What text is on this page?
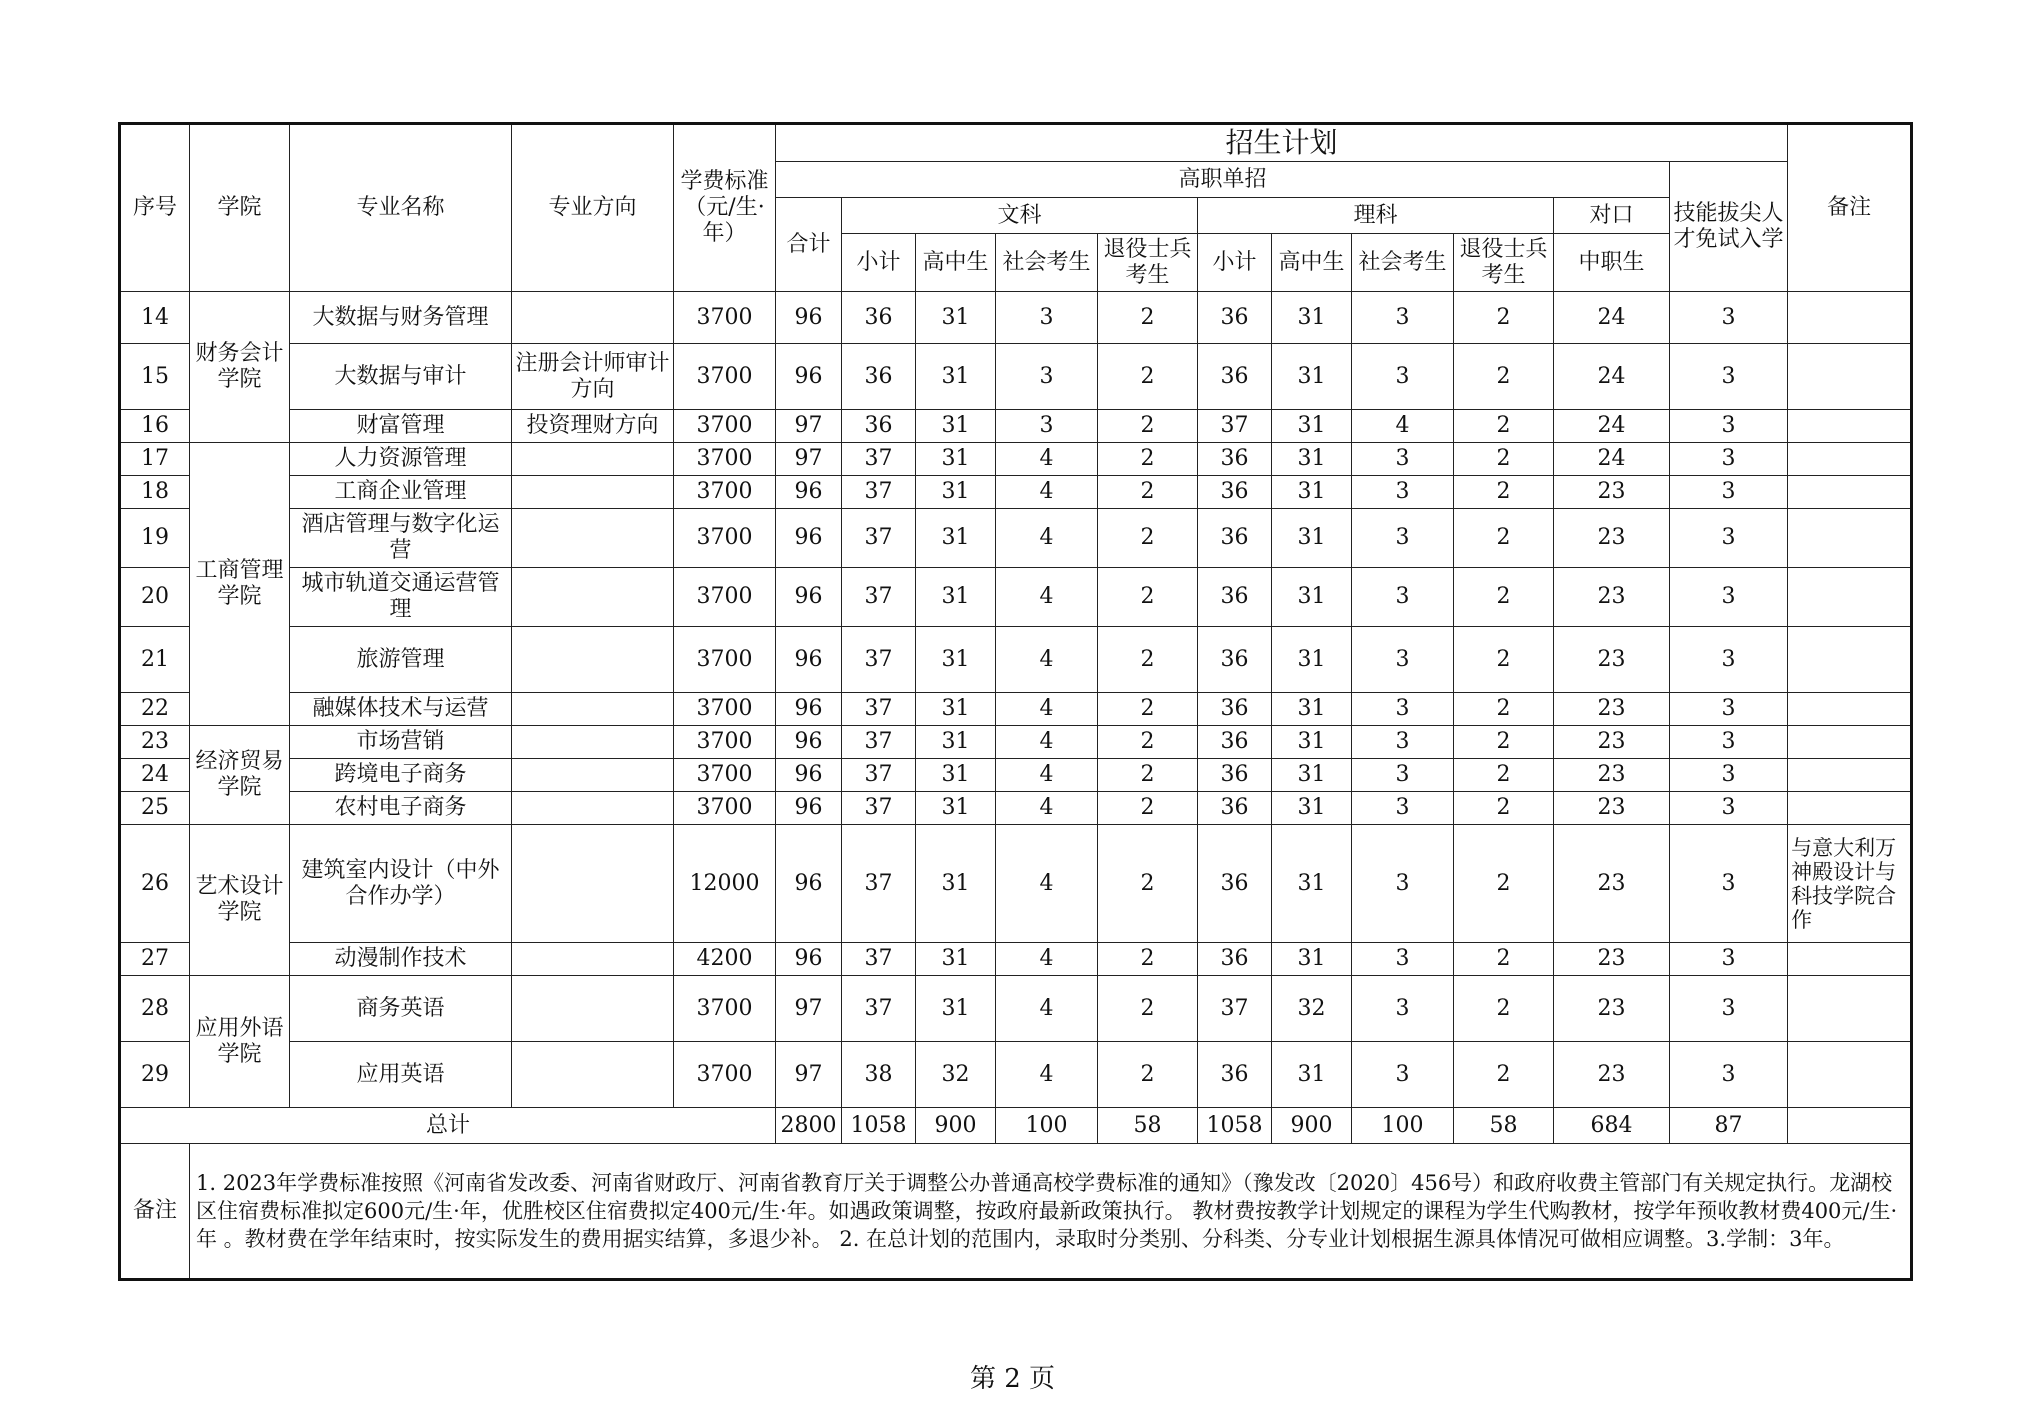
序号	学院	专业名称	专业方向	学费标准（元/生·年）	招生计划											备注
					高职单招										技能拔尖人才免试入学	
					合计	文科				理科				对口		
						小计	高中生	社会考生	退役士兵考生	小计	高中生	社会考生	退役士兵考生	中职生		
14	财务会计学院	大数据与财务管理		3700	96	36	31	3	2	36	31	3	2	24	3	
15		大数据与审计	注册会计师审计方向	3700	96	36	31	3	2	36	31	3	2	24	3	
16		财富管理	投资理财方向	3700	97	36	31	3	2	37	31	4	2	24	3	
17	工商管理学院	人力资源管理		3700	97	37	31	4	2	36	31	3	2	24	3	
18		工商企业管理		3700	96	37	31	4	2	36	31	3	2	23	3	
19		酒店管理与数字化运营		3700	96	37	31	4	2	36	31	3	2	23	3	
20		城市轨道交通运营管理		3700	96	37	31	4	2	36	31	3	2	23	3	
21		旅游管理		3700	96	37	31	4	2	36	31	3	2	23	3	
22		融媒体技术与运营		3700	96	37	31	4	2	36	31	3	2	23	3	
23	经济贸易学院	市场营销		3700	96	37	31	4	2	36	31	3	2	23	3	
24		跨境电子商务		3700	96	37	31	4	2	36	31	3	2	23	3	
25		农村电子商务		3700	96	37	31	4	2	36	31	3	2	23	3	
26	艺术设计学院	建筑室内设计（中外合作办学）		12000	96	37	31	4	2	36	31	3	2	23	3	与意大利万神殿设计与科技学院合作
27		动漫制作技术		4200	96	37	31	4	2	36	31	3	2	23	3	
28	应用外语学院	商务英语		3700	97	37	31	4	2	37	32	3	2	23	3	
29		应用英语		3700	97	38	32	4	2	36	31	3	2	23	3	
总计					2800	1058	900	100	58	1058	900	100	58	684	87	
备注	1. 2023年学费标准按照《河南省发改委、河南省财政厅、河南省教育厅关于调整公办普通高校学费标准的通知》（豫发改〔2020〕456号）和政府收费主管部门有关规定执行。龙湖校区住宿费标准拟定600元/生·年，优胜校区住宿费拟定400元/生·年。如遇政策调整，按政府最新政策执行。 教材费按教学计划规定的课程为学生代购教材，按学年预收教材费400元/生·年 。教材费在学年结束时，按实际发生的费用据实结算，多退少补。 2. 在总计划的范围内，录取时分类别、分科类、分专业计划根据生源具体情况可做相应调整。3.学制：3年。															
第 2 页
